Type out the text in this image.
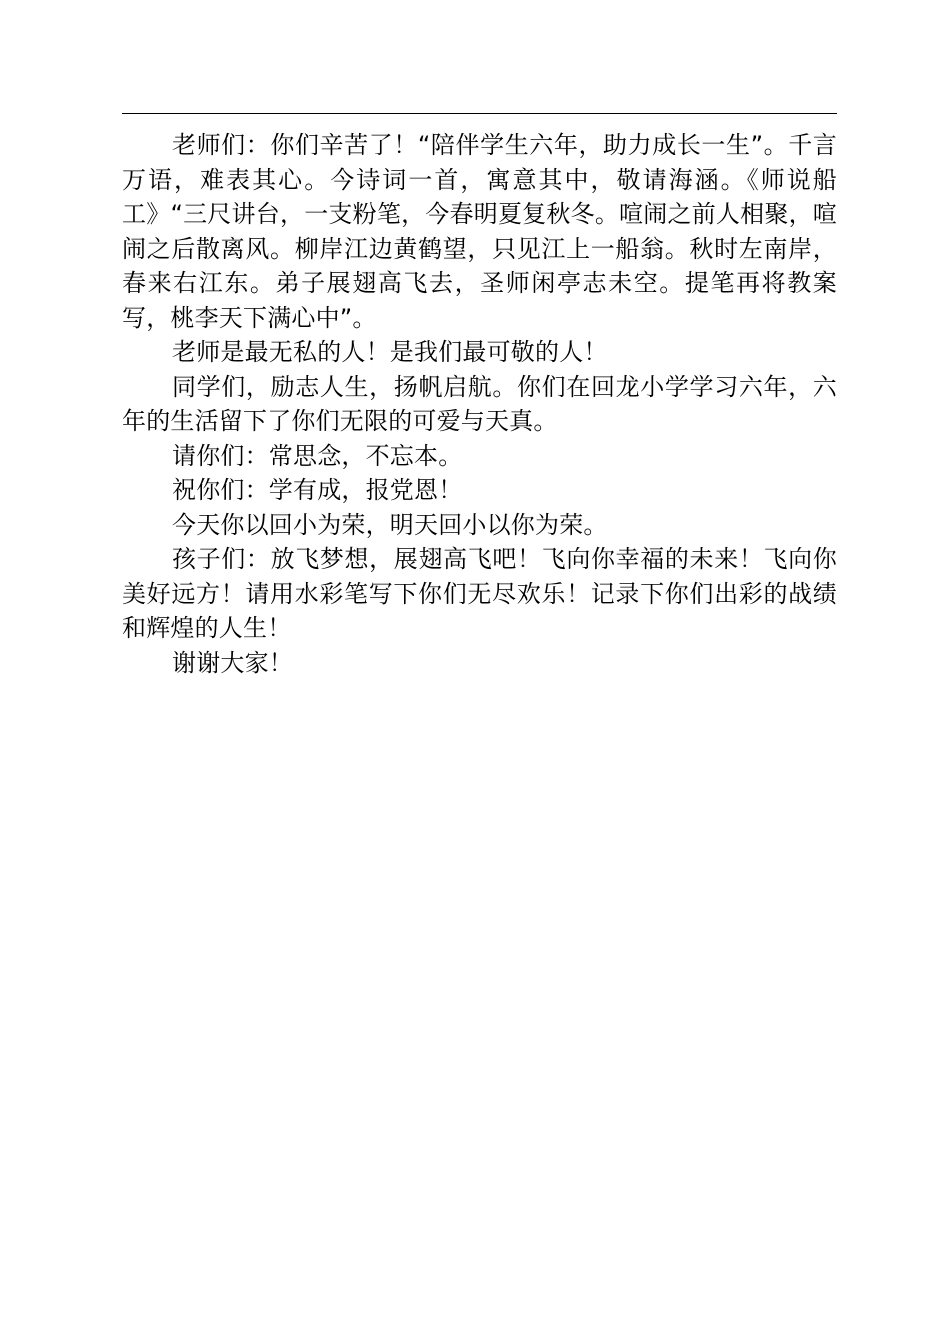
老师们：你们辛苦了！“陪伴学生六年，助力成长一生”。千言万语，难表其心。今诗词一首，寓意其中，敬请海涵。《师说船工》“三尺讲台，一支粉笔，今春明夏复秋冬。喧闹之前人相聚，喧闹之后散离风。柳岸江边黄鹤望，只见江上一船翁。秋时左南岸，春来右江东。弟子展翅高飞去，圣师闲亭志未空。提笔再将教案写，桃李天下满心中”。

老师是最无私的人！是我们最可敬的人！

同学们，励志人生，扬帆启航。你们在回龙小学学习六年，六年的生活留下了你们无限的可爱与天真。

请你们：常思念，不忘本。

祝你们：学有成，报党恩！

今天你以回小为荣，明天回小以你为荣。

孩子们：放飞梦想，展翅高飞吧！飞向你幸福的未来！飞向你美好远方！请用水彩笔写下你们无尽欢乐！记录下你们出彩的战绩和辉煌的人生！

谢谢大家！
